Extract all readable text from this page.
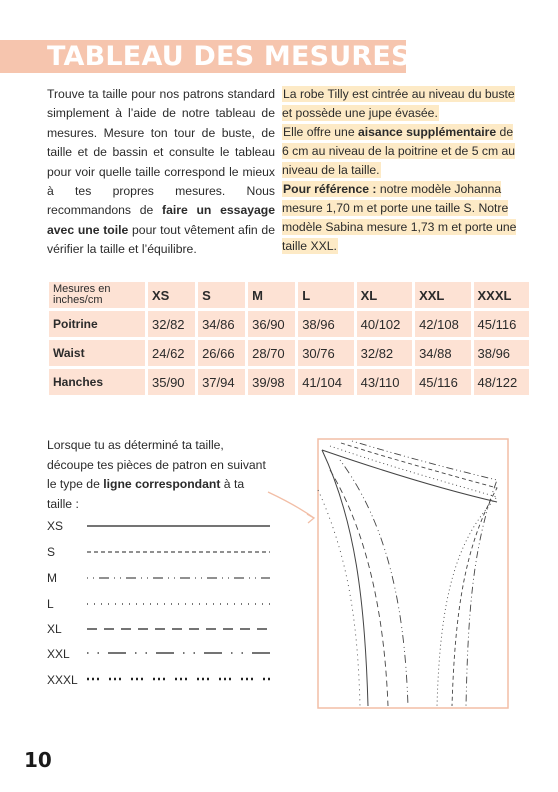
TABLEAU DES MESURES

Trouve ta taille pour nos patrons standard simplement à l’aide de notre tableau de mesures. Mesure ton tour de buste, de taille et de bassin et consulte le tableau pour voir quelle taille correspond le mieux à tes propres mesures. Nous recommandons de faire un essayage avec une toile pour tout vêtement afin de vérifier la taille et l’équilibre.

La robe Tilly est cintrée au niveau du buste et possède une jupe évasée.
Elle offre une aisance supplémentaire de 6 cm au niveau de la poitrine et de 5 cm au niveau de la taille.
Pour référence : notre modèle Johanna mesure 1,70 m et porte une taille S. Notre modèle Sabina mesure 1,73 m et porte une taille XXL.

Mesures en inches/cm	XS	S	M	L	XL	XXL	XXXL
Poitrine	32/82	34/86	36/90	38/96	40/102	42/108	45/116
Waist	24/62	26/66	28/70	30/76	32/82	34/88	38/96
Hanches	35/90	37/94	39/98	41/104	43/110	45/116	48/122

Lorsque tu as déterminé ta taille, découpe tes pièces de patron en suivant le type de ligne correspondant à ta taille :

XS
S
M
L
XL
XXL
XXXL
10
